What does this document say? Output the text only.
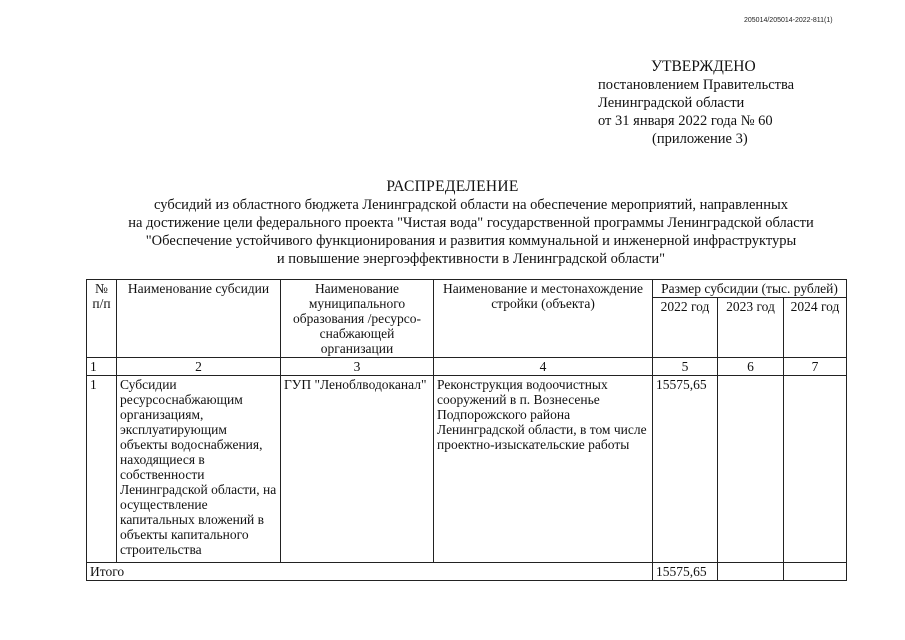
205014/205014-2022-811(1)
УТВЕРЖДЕНО
постановлением Правительства
Ленинградской области
от 31 января 2022 года № 60
(приложение 3)
РАСПРЕДЕЛЕНИЕ
субсидий из областного бюджета Ленинградской области на обеспечение мероприятий, направленных
на достижение цели федерального проекта "Чистая вода" государственной программы Ленинградской области
"Обеспечение устойчивого функционирования и развития коммунальной и инженерной инфраструктуры
и повышение энергоэффективности в Ленинградской области"
№ п/п	Наименование субсидии	Наименование муниципального образования /ресурсо-снабжающей организации	Наименование и местонахождение стройки (объекта)	Размер субсидии (тыс. рублей)		
				2022 год	2023 год	2024 год
1	2	3	4	5	6	7
1	Субсидии ресурсоснабжающим организациям, эксплуатирующим объекты водоснабжения, находящиеся в собственности Ленинградской области, на осуществление капитальных вложений в объекты капитального строительства	ГУП "Леноблводоканал"	Реконструкция водоочистных сооружений в п. Вознесенье Подпорожского района Ленинградской области, в том числе проектно-изыскательские работы	15575,65		
Итого				15575,65		
